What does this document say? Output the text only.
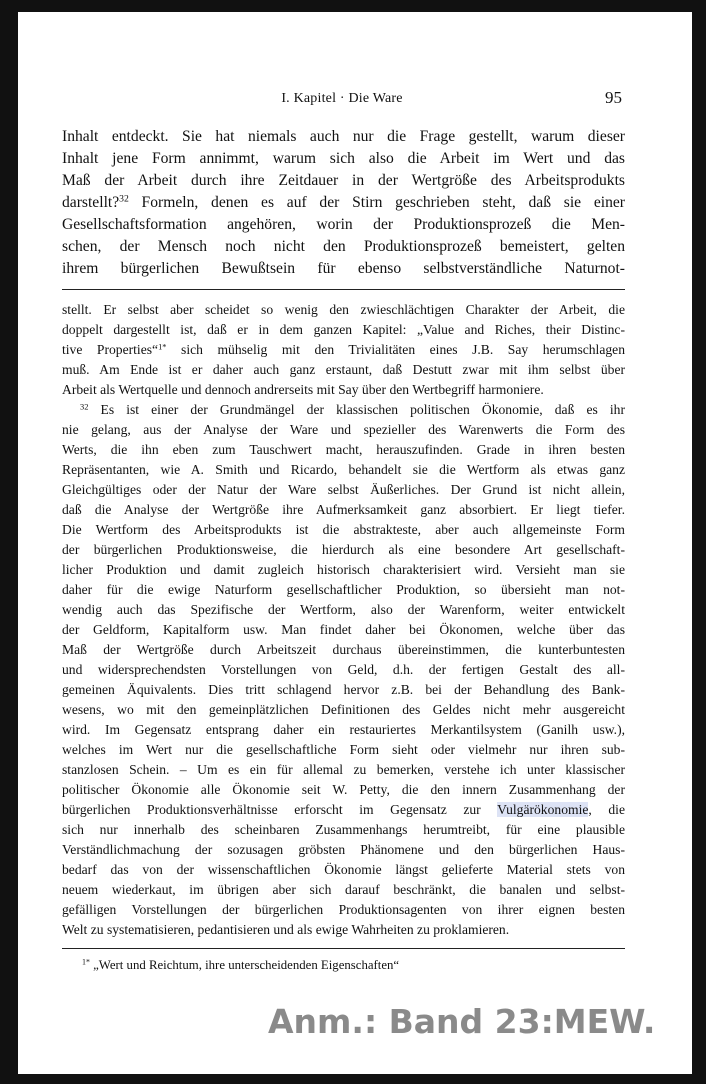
I. Kapitel · Die Ware	95
Inhalt entdeckt. Sie hat niemals auch nur die Frage gestellt, warum dieser
Inhalt jene Form annimmt, warum sich also die Arbeit im Wert und das
Maß der Arbeit durch ihre Zeitdauer in der Wertgröße des Arbeitsprodukts
darstellt?$^{32}$ Formeln, denen es auf der Stirn geschrieben steht, daß sie einer
Gesellschaftsformation angehören, worin der Produktionsprozeß die Men-
schen, der Mensch noch nicht den Produktionsprozeß bemeistert, gelten
ihrem bürgerlichen Bewußtsein für ebenso selbstverständliche Naturnot-
stellt. Er selbst aber scheidet so wenig den zwieschlächtigen Charakter der Arbeit, die
doppelt dargestellt ist, daß er in dem ganzen Kapitel: „Value and Riches, their Distinc-
tive Properties“$^{1*}$ sich mühselig mit den Trivialitäten eines J.B. Say herumschlagen
muß. Am Ende ist er daher auch ganz erstaunt, daß Destutt zwar mit ihm selbst über
Arbeit als Wertquelle und dennoch andrerseits mit Say über den Wertbegriff harmoniere.
$^{32}$ Es ist einer der Grundmängel der klassischen politischen Ökonomie, daß es ihr
nie gelang, aus der Analyse der Ware und spezieller des Warenwerts die Form des
Werts, die ihn eben zum Tauschwert macht, herauszufinden. Grade in ihren besten
Repräsentanten, wie A. Smith und Ricardo, behandelt sie die Wertform als etwas ganz
Gleichgültiges oder der Natur der Ware selbst Äußerliches. Der Grund ist nicht allein,
daß die Analyse der Wertgröße ihre Aufmerksamkeit ganz absorbiert. Er liegt tiefer.
Die Wertform des Arbeitsprodukts ist die abstrakteste, aber auch allgemeinste Form
der bürgerlichen Produktionsweise, die hierdurch als eine besondere Art gesellschaft-
licher Produktion und damit zugleich historisch charakterisiert wird. Versieht man sie
daher für die ewige Naturform gesellschaftlicher Produktion, so übersieht man not-
wendig auch das Spezifische der Wertform, also der Warenform, weiter entwickelt
der Geldform, Kapitalform usw. Man findet daher bei Ökonomen, welche über das
Maß der Wertgröße durch Arbeitszeit durchaus übereinstimmen, die kunterbuntesten
und widersprechendsten Vorstellungen von Geld, d.h. der fertigen Gestalt des all-
gemeinen Äquivalents. Dies tritt schlagend hervor z.B. bei der Behandlung des Bank-
wesens, wo mit den gemeinplätzlichen Definitionen des Geldes nicht mehr ausgereicht
wird. Im Gegensatz entsprang daher ein restauriertes Merkantilsystem (Ganilh usw.),
welches im Wert nur die gesellschaftliche Form sieht oder vielmehr nur ihren sub-
stanzlosen Schein. – Um es ein für allemal zu bemerken, verstehe ich unter klassischer
politischer Ökonomie alle Ökonomie seit W. Petty, die den innern Zusammenhang der
bürgerlichen Produktionsverhältnisse erforscht im Gegensatz zur Vulgärökonomie, die
sich nur innerhalb des scheinbaren Zusammenhangs herumtreibt, für eine plausible
Verständlichmachung der sozusagen gröbsten Phänomene und den bürgerlichen Haus-
bedarf das von der wissenschaftlichen Ökonomie längst gelieferte Material stets von
neuem wiederkaut, im übrigen aber sich darauf beschränkt, die banalen und selbst-
gefälligen Vorstellungen der bürgerlichen Produktionsagenten von ihrer eignen besten
Welt zu systematisieren, pedantisieren und als ewige Wahrheiten zu proklamieren.
$^{1*}$ „Wert und Reichtum, ihre unterscheidenden Eigenschaften“
Anm.: Band 23:MEW.
